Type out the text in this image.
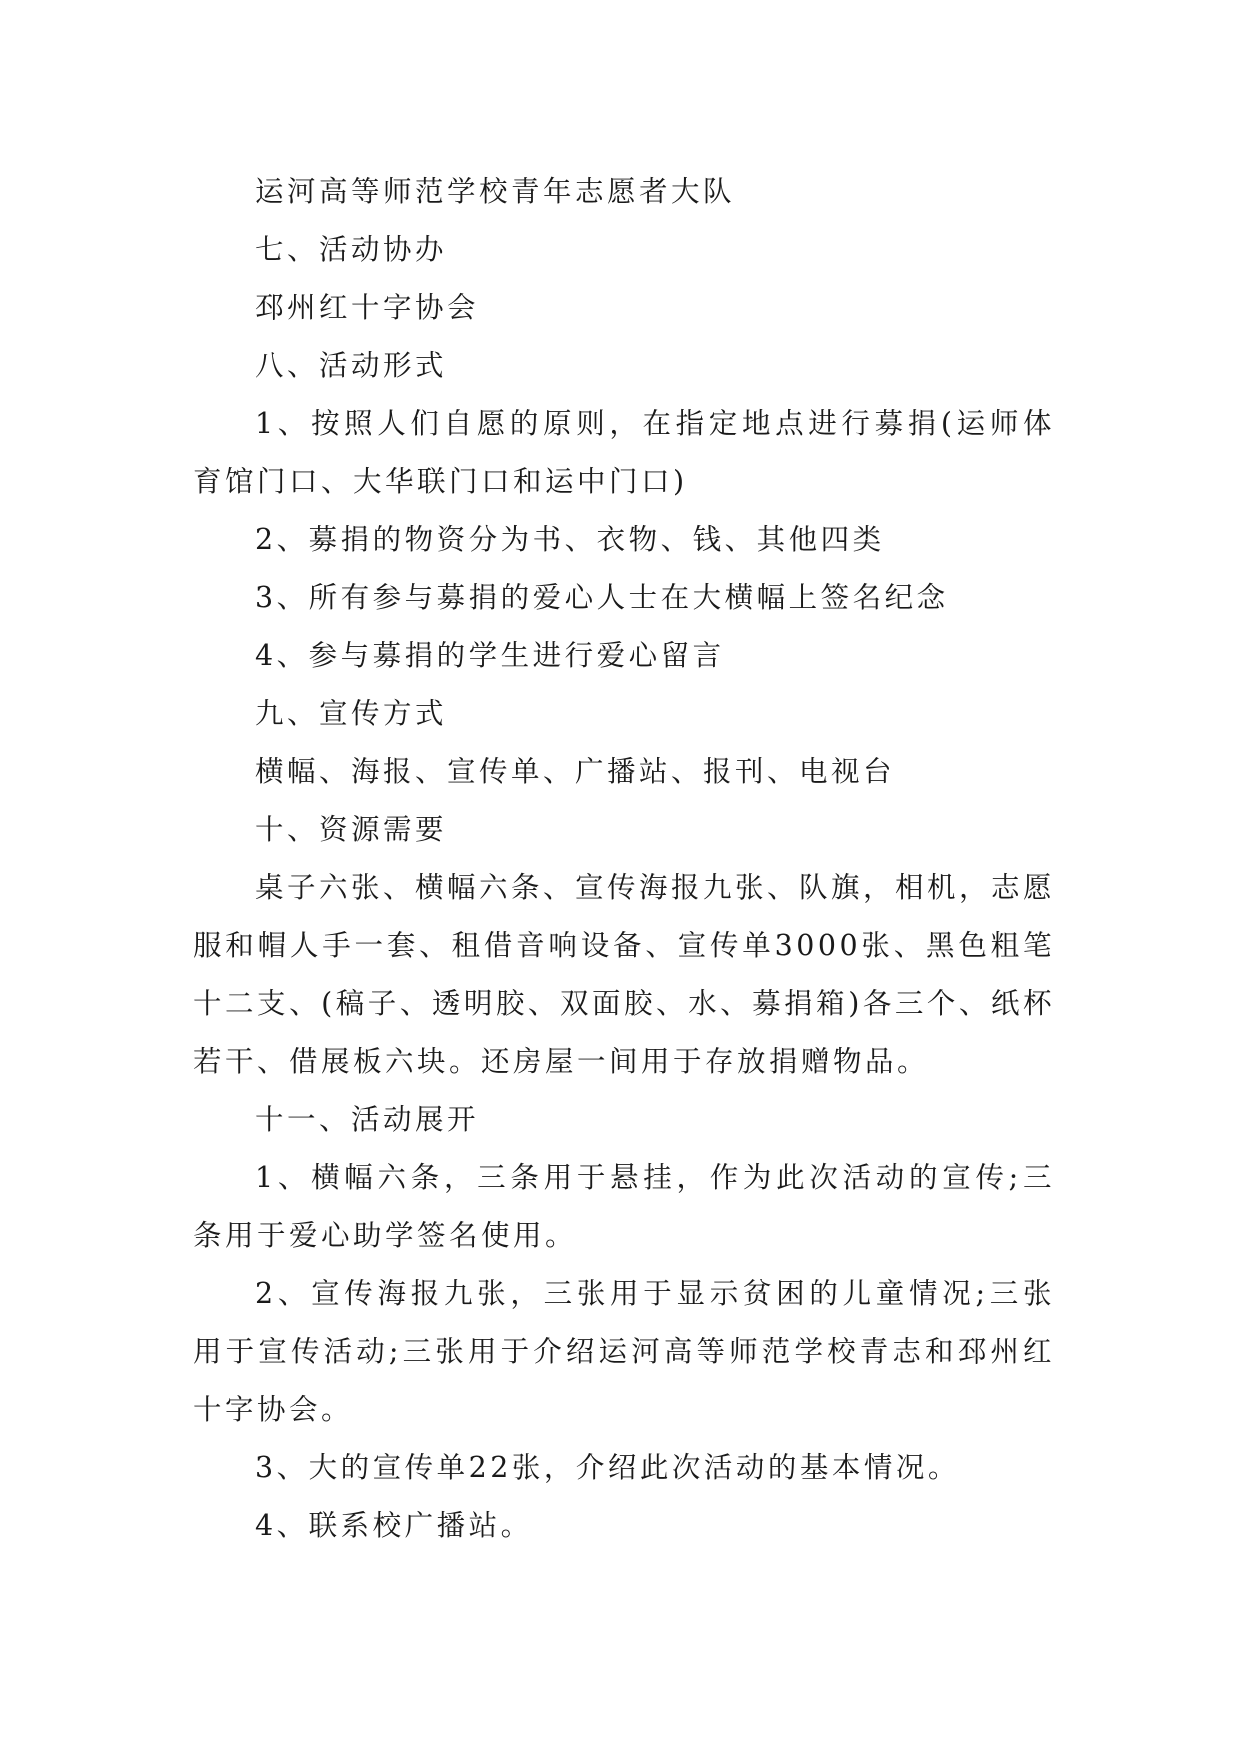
运河高等师范学校青年志愿者大队

七、活动协办

邳州红十字协会

八、活动形式

1、按照人们自愿的原则，在指定地点进行募捐(运师体育馆门口、大华联门口和运中门口)

2、募捐的物资分为书、衣物、钱、其他四类

3、所有参与募捐的爱心人士在大横幅上签名纪念

4、参与募捐的学生进行爱心留言

九、宣传方式

横幅、海报、宣传单、广播站、报刊、电视台

十、资源需要

桌子六张、横幅六条、宣传海报九张、队旗，相机，志愿服和帽人手一套、租借音响设备、宣传单3000张、黑色粗笔十二支、(稿子、透明胶、双面胶、水、募捐箱)各三个、纸杯若干、借展板六块。还房屋一间用于存放捐赠物品。

十一、活动展开

1、横幅六条，三条用于悬挂，作为此次活动的宣传;三条用于爱心助学签名使用。

2、宣传海报九张，三张用于显示贫困的儿童情况;三张用于宣传活动;三张用于介绍运河高等师范学校青志和邳州红十字协会。

3、大的宣传单22张，介绍此次活动的基本情况。

4、联系校广播站。
